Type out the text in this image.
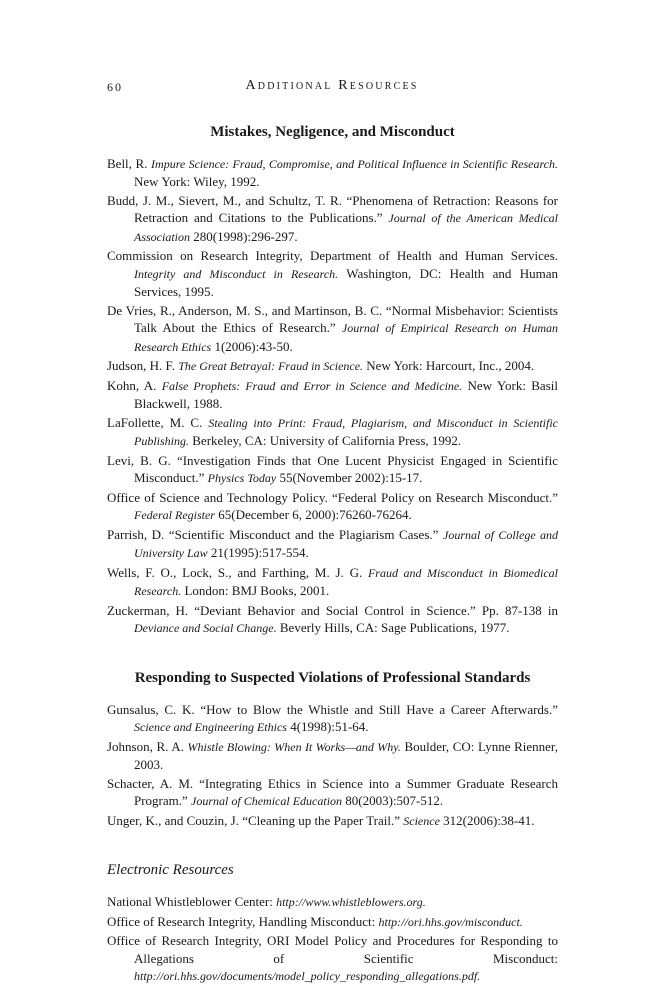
60	Additional Resources
Mistakes, Negligence, and Misconduct

Bell, R. Impure Science: Fraud, Compromise, and Political Influence in Scientific Research. New York: Wiley, 1992.

Budd, J. M., Sievert, M., and Schultz, T. R. “Phenomena of Retraction: Reasons for Retraction and Citations to the Publications.” Journal of the American Medical Association 280(1998):296-297.

Commission on Research Integrity, Department of Health and Human Services. Integrity and Misconduct in Research. Washington, DC: Health and Human Services, 1995.

De Vries, R., Anderson, M. S., and Martinson, B. C. “Normal Misbehavior: Scientists Talk About the Ethics of Research.” Journal of Empirical Research on Human Research Ethics 1(2006):43-50.

Judson, H. F. The Great Betrayal: Fraud in Science. New York: Harcourt, Inc., 2004.

Kohn, A. False Prophets: Fraud and Error in Science and Medicine. New York: Basil Blackwell, 1988.

LaFollette, M. C. Stealing into Print: Fraud, Plagiarism, and Misconduct in Scientific Publishing. Berkeley, CA: University of California Press, 1992.

Levi, B. G. “Investigation Finds that One Lucent Physicist Engaged in Scientific Misconduct.” Physics Today 55(November 2002):15-17.

Office of Science and Technology Policy. “Federal Policy on Research Misconduct.” Federal Register 65(December 6, 2000):76260-76264.

Parrish, D. “Scientific Misconduct and the Plagiarism Cases.” Journal of College and University Law 21(1995):517-554.

Wells, F. O., Lock, S., and Farthing, M. J. G. Fraud and Misconduct in Biomedical Research. London: BMJ Books, 2001.

Zuckerman, H. “Deviant Behavior and Social Control in Science.” Pp. 87-138 in Deviance and Social Change. Beverly Hills, CA: Sage Publications, 1977.

Responding to Suspected Violations of Professional Standards

Gunsalus, C. K. “How to Blow the Whistle and Still Have a Career Afterwards.” Science and Engineering Ethics 4(1998):51-64.

Johnson, R. A. Whistle Blowing: When It Works—and Why. Boulder, CO: Lynne Rienner, 2003.

Schacter, A. M. “Integrating Ethics in Science into a Summer Graduate Research Program.” Journal of Chemical Education 80(2003):507-512.

Unger, K., and Couzin, J. “Cleaning up the Paper Trail.” Science 312(2006):38-41.

Electronic Resources

National Whistleblower Center: http://www.whistleblowers.org.

Office of Research Integrity, Handling Misconduct: http://ori.hhs.gov/misconduct.

Office of Research Integrity, ORI Model Policy and Procedures for Responding to Allegations of Scientific Misconduct: http://ori.hhs.gov/documents/model_policy_responding_allegations.pdf.
